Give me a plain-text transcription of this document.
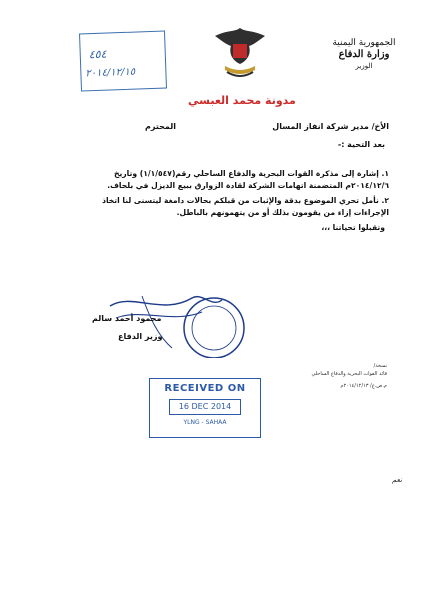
الجمهورية اليمنية
وزارة الدفاع
الوزير
٤٥٤
٢٠١٤/١٢/١٥
مدونة محمد العبسي
الأخ/ مدير شركة انفاز المسال
المحترم
بعد التحية :-

١. إشارة إلى مذكرة القوات البحرية والدفاع الساحلي رقم(١/١/٥٤٧) وتاريخ ٢٠١٤/١٢/٦م المتضمنة اتهامات الشركة لقادة الزوارق ببيع الديزل في بلحاف.

٢. نأمل تحري الموضوع بدقة والإثبات من قبلكم بحالات دامغة ليتسنى لنا اتخاذ الإجراءات إزاء من يقومون بذلك أو من يتهمونهم بالباطل.

وتقبلوا تحياتنا ،،،

محمود أحمد سالم
وزير الدفاع
نسخة/
قائد القوات البحرية والدفاع الساحلي
م.ص.ع/ ٢٠١٤/١٢/١٣م
RECEIVED ON
16 DEC 2014
YLNG - SAHAA
نعم
